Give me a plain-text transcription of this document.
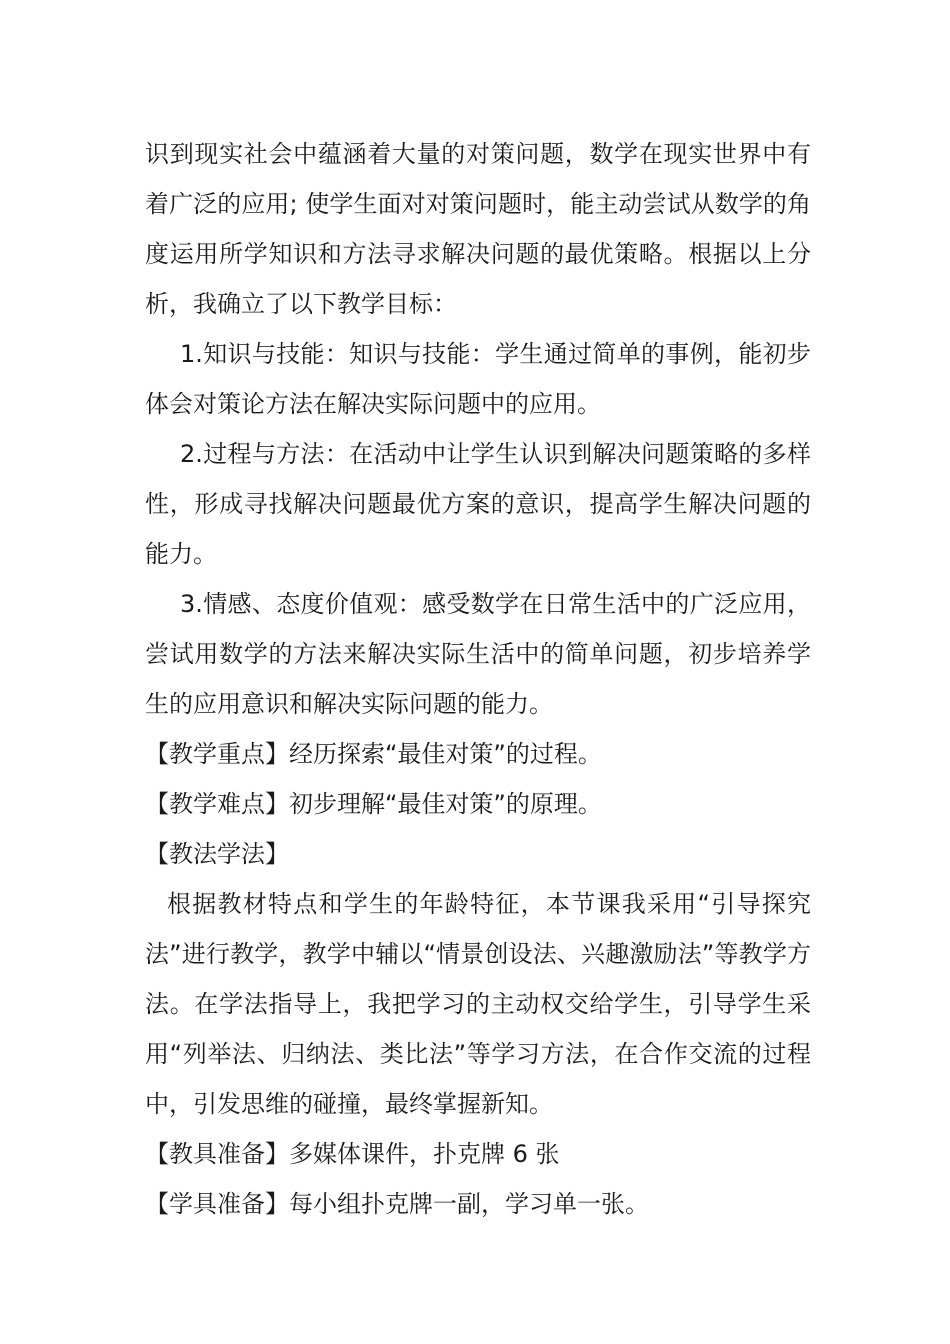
识到现实社会中蕴涵着大量的对策问题，数学在现实世界中有着广泛的应用; 使学生面对对策问题时，能主动尝试从数学的角度运用所学知识和方法寻求解决问题的最优策略。根据以上分析，我确立了以下教学目标：

1.知识与技能：知识与技能：学生通过简单的事例，能初步体会对策论方法在解决实际问题中的应用。

2.过程与方法：在活动中让学生认识到解决问题策略的多样性，形成寻找解决问题最优方案的意识，提高学生解决问题的能力。

3.情感、态度价值观：感受数学在日常生活中的广泛应用，尝试用数学的方法来解决实际生活中的简单问题，初步培养学生的应用意识和解决实际问题的能力。

【教学重点】经历探索“最佳对策”的过程。

【教学难点】初步理解“最佳对策”的原理。

【教法学法】

根据教材特点和学生的年龄特征，本节课我采用“引导探究法”进行教学，教学中辅以“情景创设法、兴趣激励法”等教学方法。在学法指导上，我把学习的主动权交给学生，引导学生采用“列举法、归纳法、类比法”等学习方法，在合作交流的过程中，引发思维的碰撞，最终掌握新知。

【教具准备】多媒体课件，扑克牌 6 张

【学具准备】每小组扑克牌一副，学习单一张。
